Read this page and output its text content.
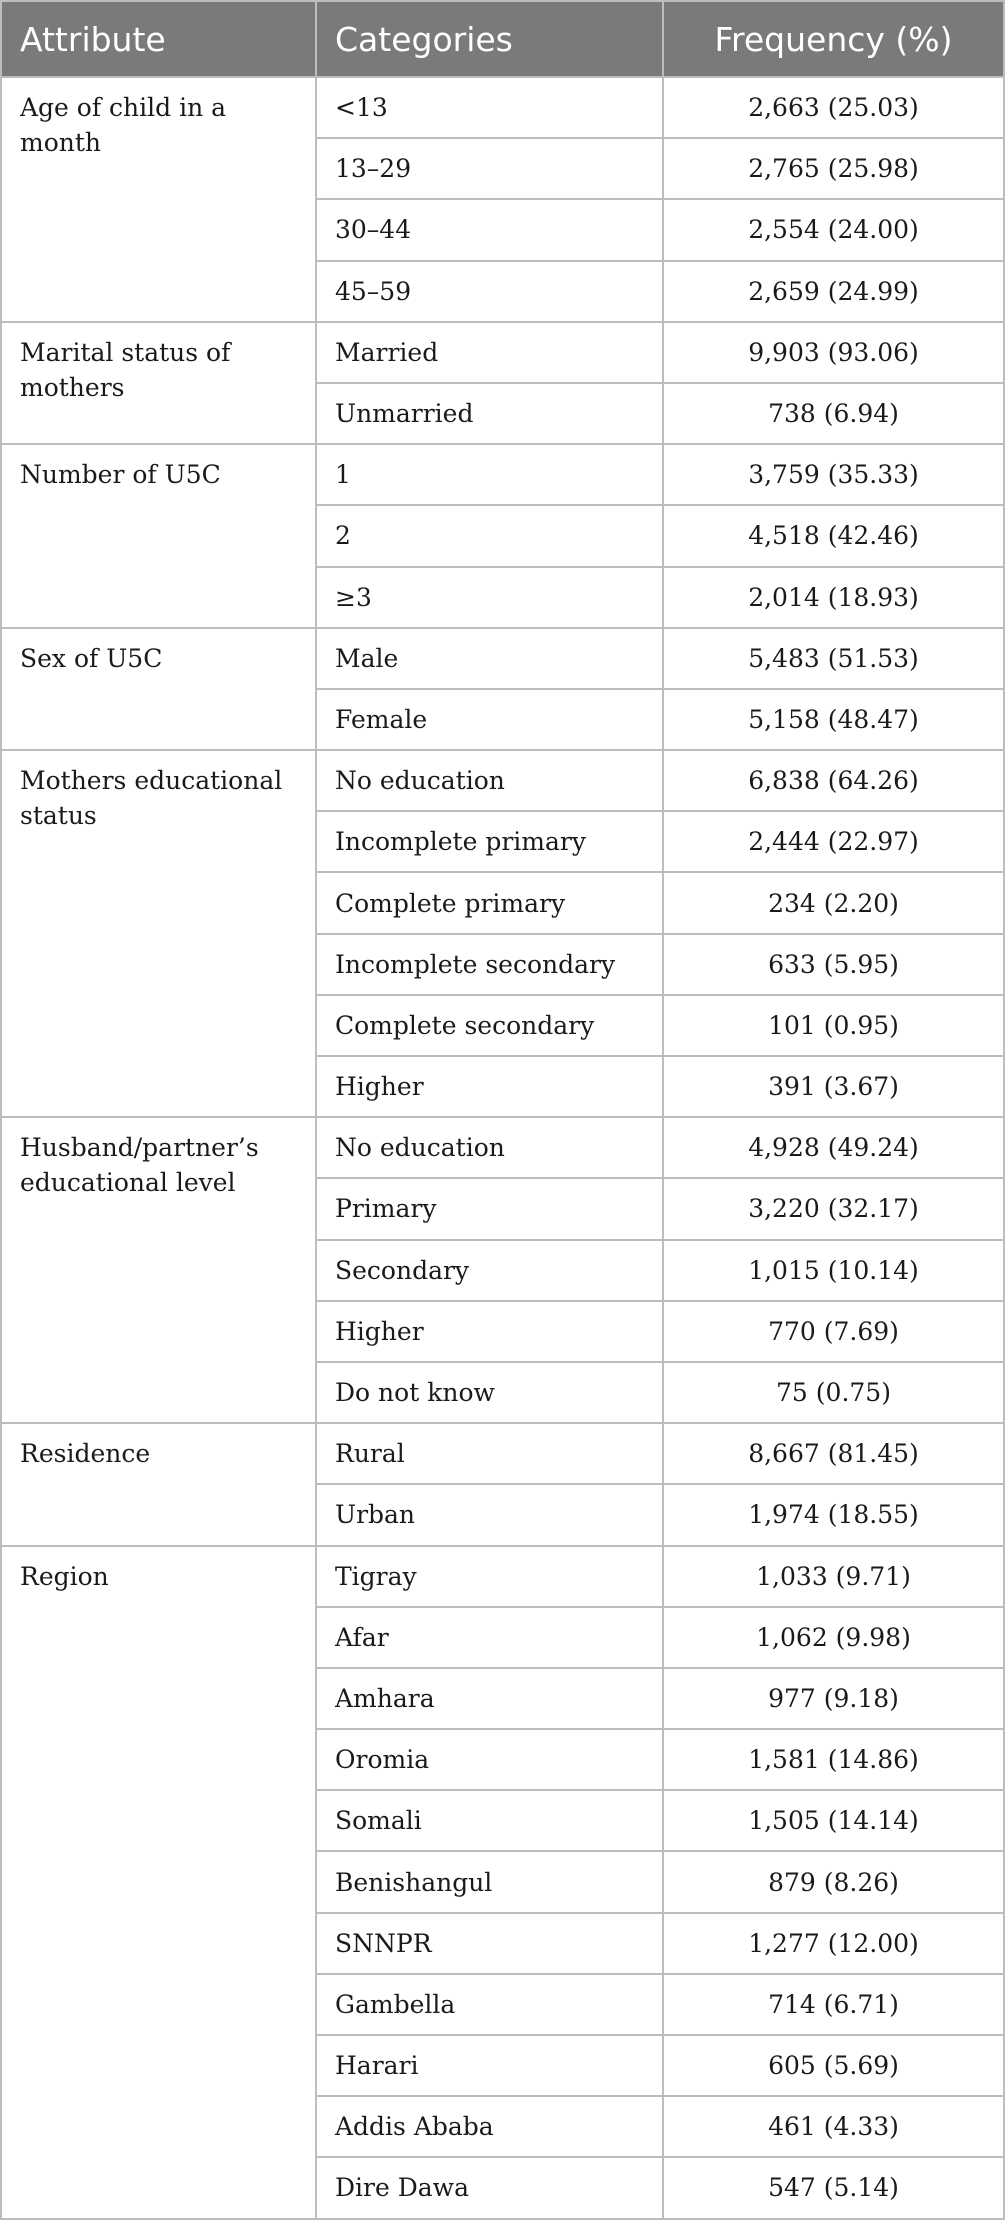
Attribute	Categories	Frequency (%)
Age of child in a month	<13	2,663 (25.03)
	13–29	2,765 (25.98)
	30–44	2,554 (24.00)
	45–59	2,659 (24.99)
Marital status of mothers	Married	9,903 (93.06)
	Unmarried	738 (6.94)
Number of U5C	1	3,759 (35.33)
	2	4,518 (42.46)
	≥3	2,014 (18.93)
Sex of U5C	Male	5,483 (51.53)
	Female	5,158 (48.47)
Mothers educational status	No education	6,838 (64.26)
	Incomplete primary	2,444 (22.97)
	Complete primary	234 (2.20)
	Incomplete secondary	633 (5.95)
	Complete secondary	101 (0.95)
	Higher	391 (3.67)
Husband/partner’s educational level	No education	4,928 (49.24)
	Primary	3,220 (32.17)
	Secondary	1,015 (10.14)
	Higher	770 (7.69)
	Do not know	75 (0.75)
Residence	Rural	8,667 (81.45)
	Urban	1,974 (18.55)
Region	Tigray	1,033 (9.71)
	Afar	1,062 (9.98)
	Amhara	977 (9.18)
	Oromia	1,581 (14.86)
	Somali	1,505 (14.14)
	Benishangul	879 (8.26)
	SNNPR	1,277 (12.00)
	Gambella	714 (6.71)
	Harari	605 (5.69)
	Addis Ababa	461 (4.33)
	Dire Dawa	547 (5.14)
